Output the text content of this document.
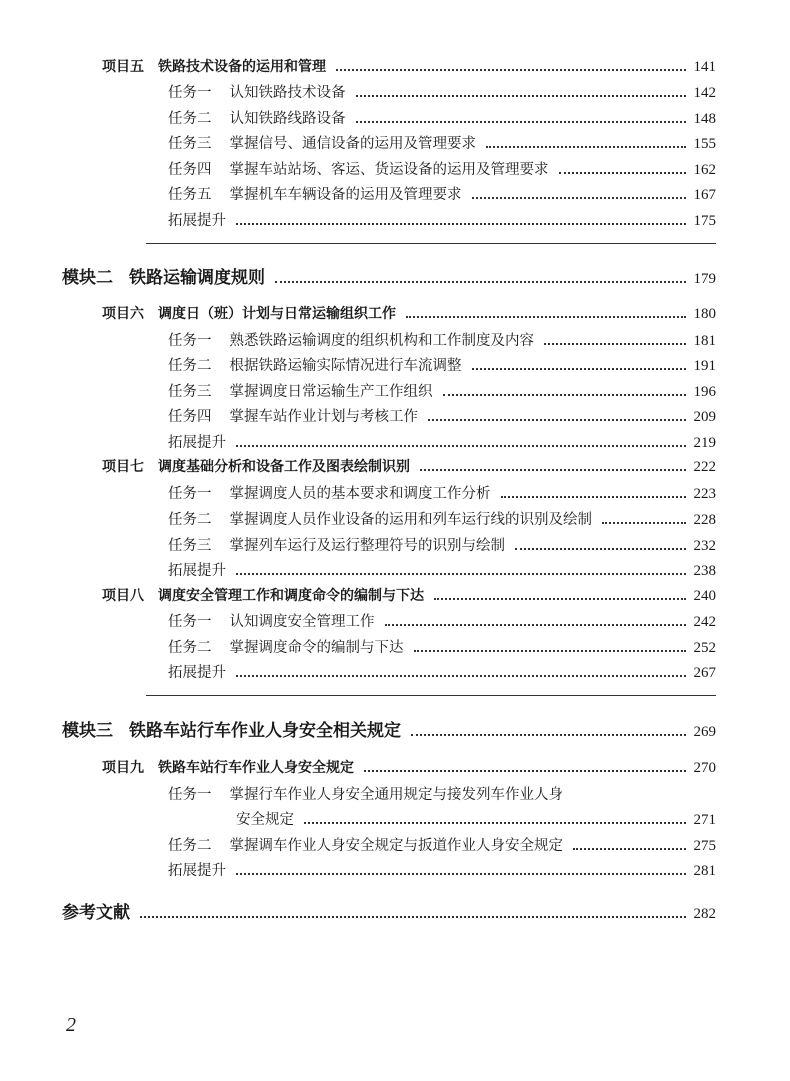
项目五 铁路技术设备的运用和管理	141
任务一 认知铁路技术设备	142
任务二 认知铁路线路设备	148
任务三 掌握信号、通信设备的运用及管理要求	155
任务四 掌握车站站场、客运、货运设备的运用及管理要求	162
任务五 掌握机车车辆设备的运用及管理要求	167
拓展提升	175
模块二 铁路运输调度规则	179
项目六 调度日（班）计划与日常运输组织工作	180
任务一 熟悉铁路运输调度的组织机构和工作制度及内容	181
任务二 根据铁路运输实际情况进行车流调整	191
任务三 掌握调度日常运输生产工作组织	196
任务四 掌握车站作业计划与考核工作	209
拓展提升	219
项目七 调度基础分析和设备工作及图表绘制识别	222
任务一 掌握调度人员的基本要求和调度工作分析	223
任务二 掌握调度人员作业设备的运用和列车运行线的识别及绘制	228
任务三 掌握列车运行及运行整理符号的识别与绘制	232
拓展提升	238
项目八 调度安全管理工作和调度命令的编制与下达	240
任务一 认知调度安全管理工作	242
任务二 掌握调度命令的编制与下达	252
拓展提升	267
模块三 铁路车站行车作业人身安全相关规定	269
项目九 铁路车站行车作业人身安全规定	270
任务一 掌握行车作业人身安全通用规定与接发列车作业人身
安全规定	271
任务二 掌握调车作业人身安全规定与扳道作业人身安全规定	275
拓展提升	281
参考文献	282
2
